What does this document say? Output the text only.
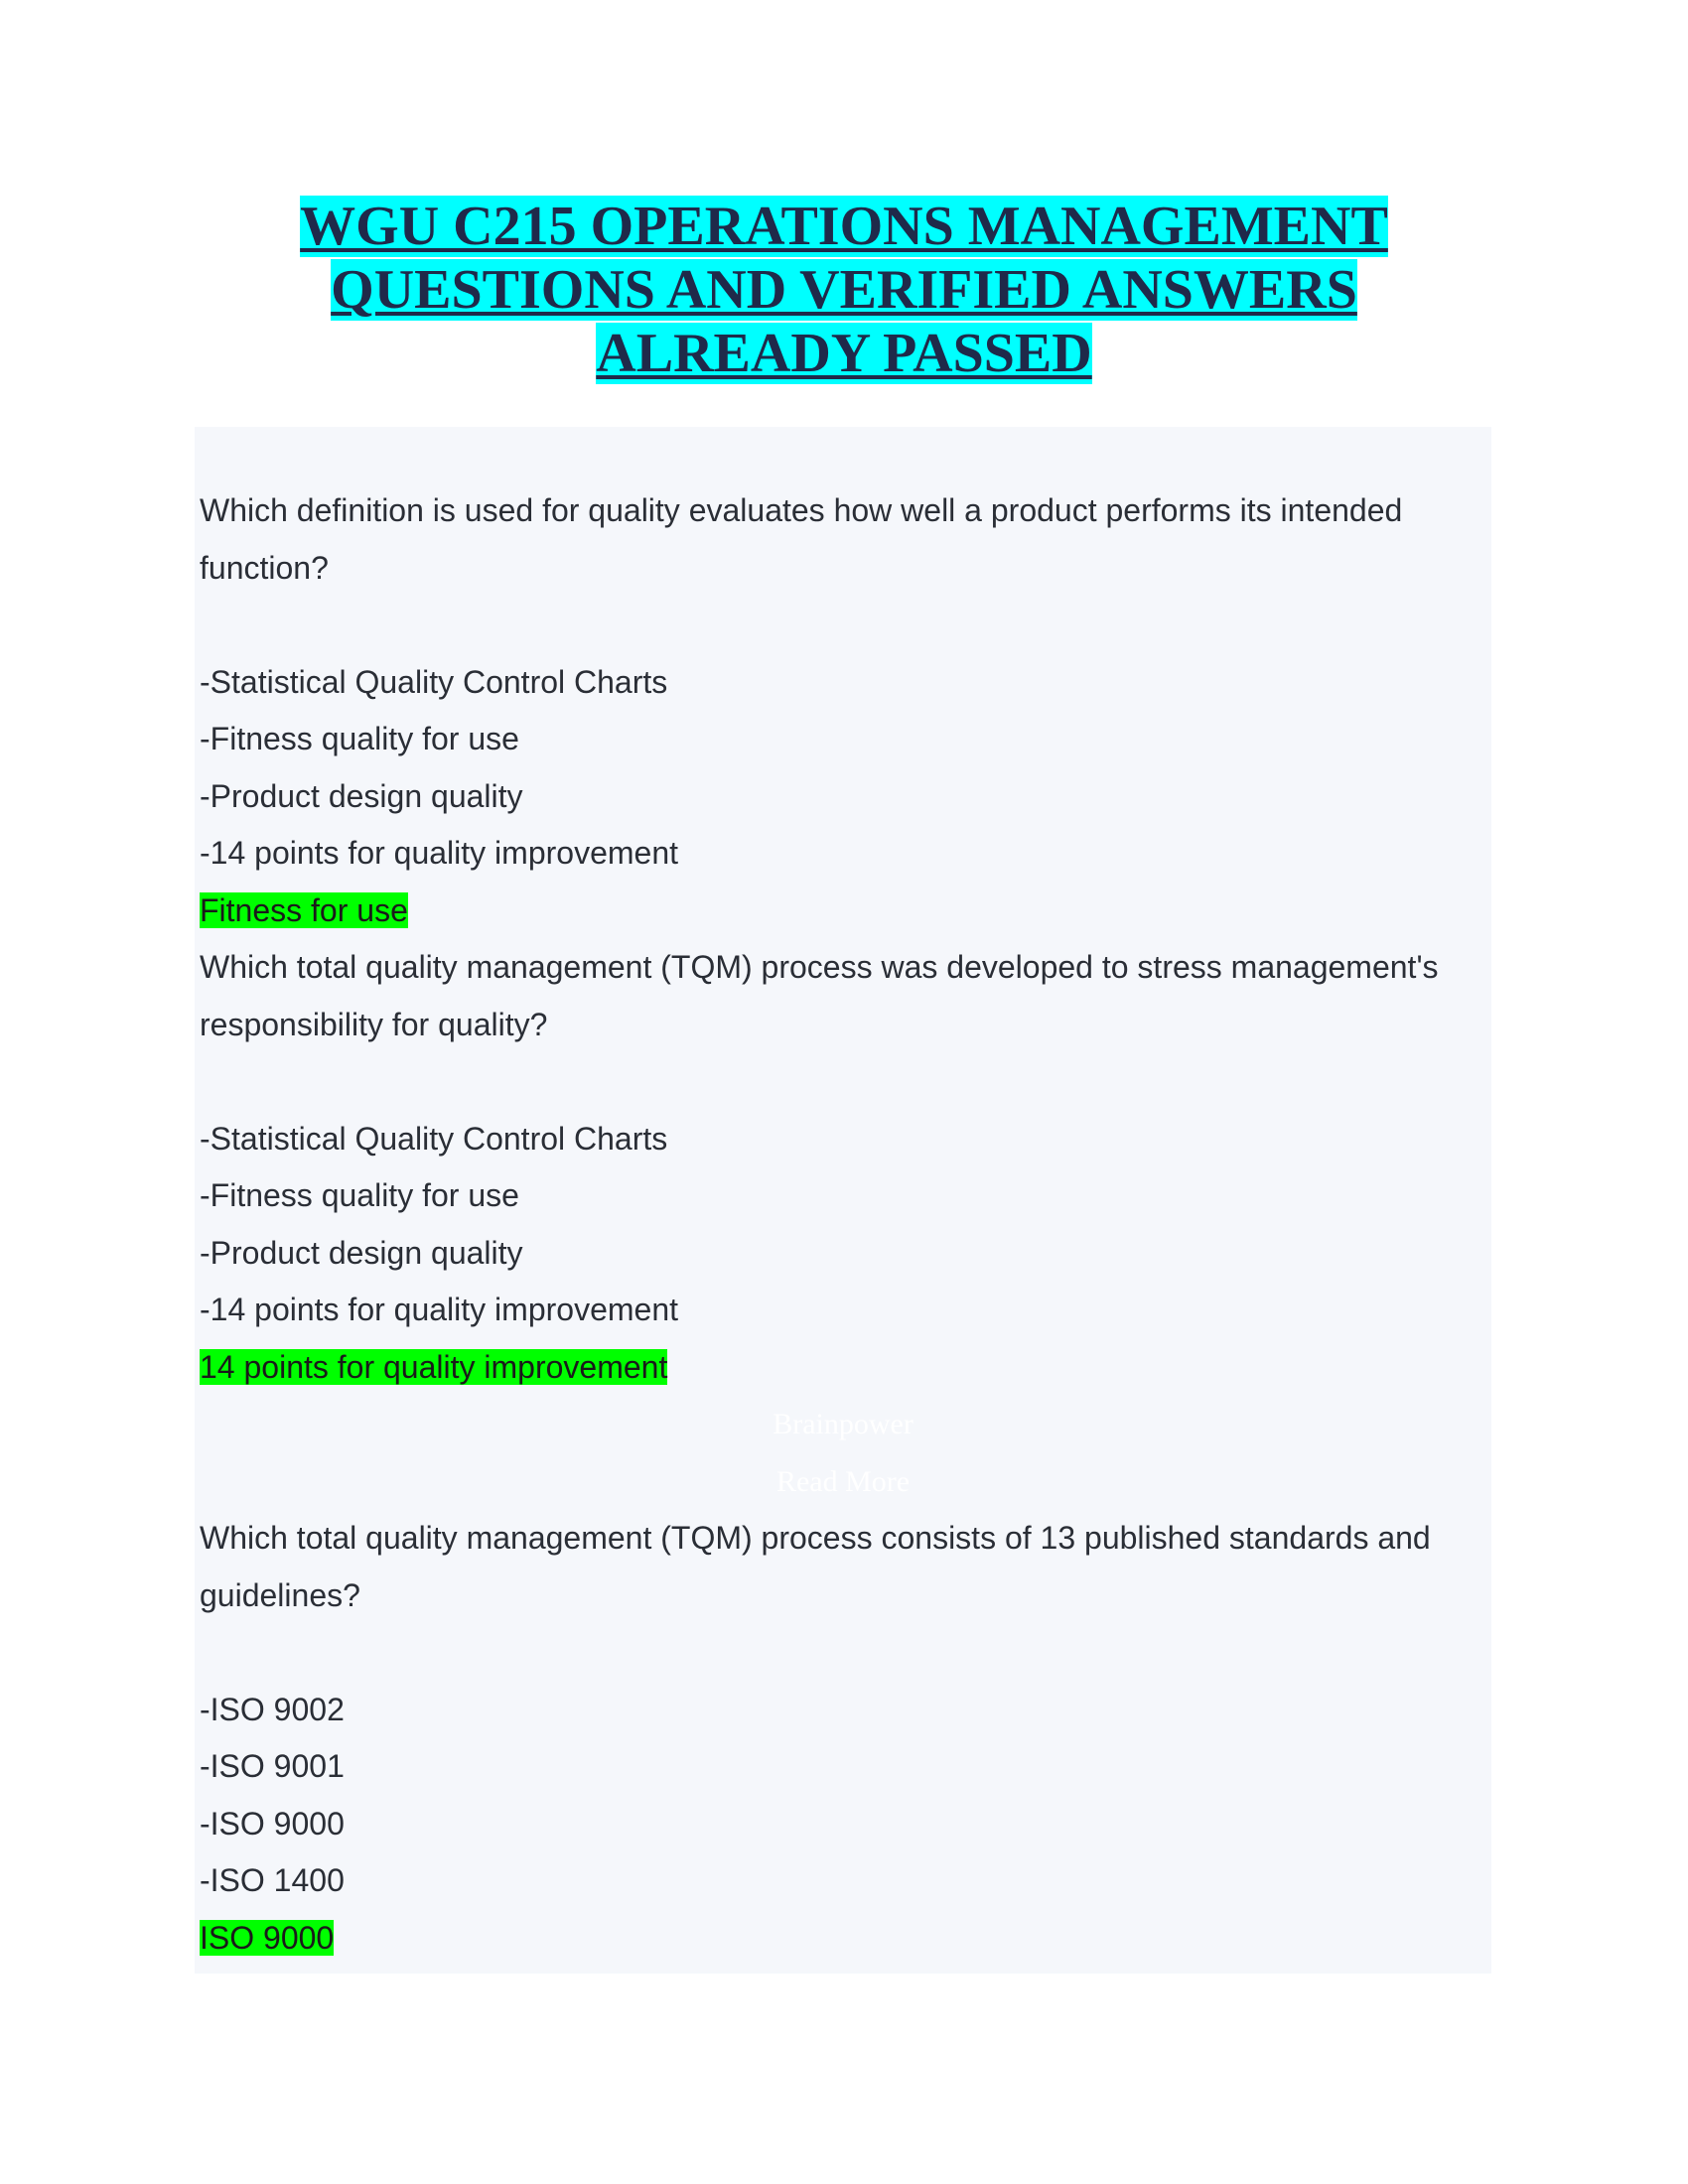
WGU C215 OPERATIONS MANAGEMENT
QUESTIONS AND VERIFIED ANSWERS
ALREADY PASSED
Which definition is used for quality evaluates how well a product performs its intended
function?
-Statistical Quality Control Charts
-Fitness quality for use
-Product design quality
-14 points for quality improvement
Fitness for use
Which total quality management (TQM) process was developed to stress management's
responsibility for quality?
-Statistical Quality Control Charts
-Fitness quality for use
-Product design quality
-14 points for quality improvement
14 points for quality improvement
Brainpower
Read More
Which total quality management (TQM) process consists of 13 published standards and
guidelines?
-ISO 9002
-ISO 9001
-ISO 9000
-ISO 1400
ISO 9000
